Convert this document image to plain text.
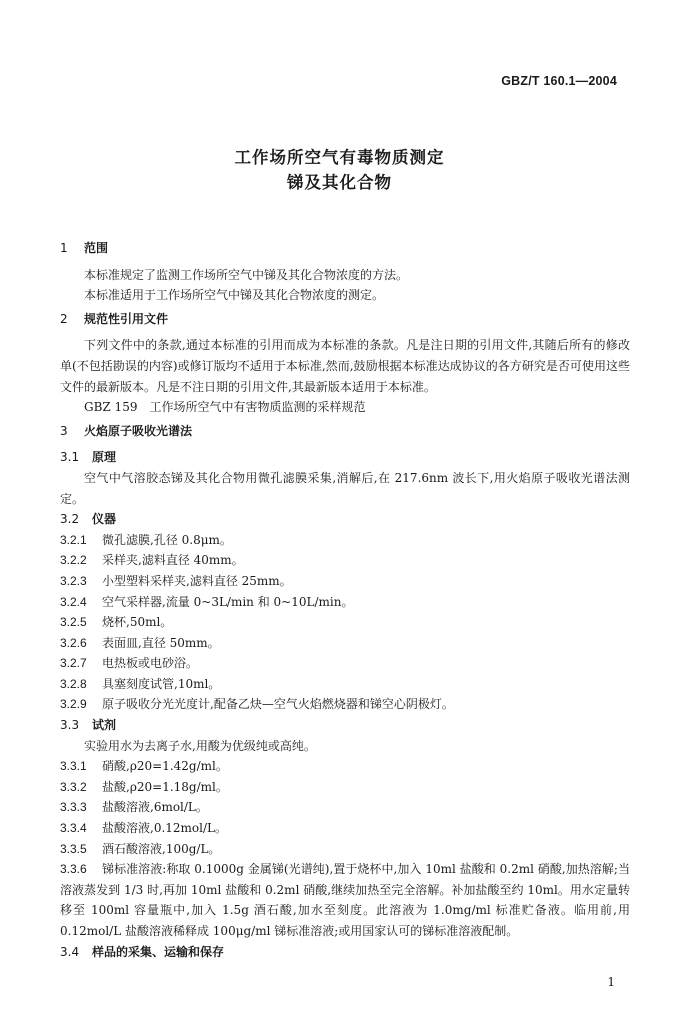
GBZ/T 160.1—2004
工作场所空气有毒物质测定
锑及其化合物
1 范围

本标准规定了监测工作场所空气中锑及其化合物浓度的方法。

本标准适用于工作场所空气中锑及其化合物浓度的测定。

2 规范性引用文件

下列文件中的条款,通过本标准的引用而成为本标准的条款。凡是注日期的引用文件,其随后所有的修改单(不包括勘误的内容)或修订版均不适用于本标准,然而,鼓励根据本标准达成协议的各方研究是否可使用这些文件的最新版本。凡是不注日期的引用文件,其最新版本适用于本标准。

GBZ 159　工作场所空气中有害物质监测的采样规范

3 火焰原子吸收光谱法
3.1 原理

空气中气溶胶态锑及其化合物用微孔滤膜采集,消解后,在 217.6nm 波长下,用火焰原子吸收光谱法测定。

3.2 仪器

3.2.1 微孔滤膜,孔径 0.8μm。

3.2.2 采样夹,滤料直径 40mm。

3.2.3 小型塑料采样夹,滤料直径 25mm。

3.2.4 空气采样器,流量 0~3L/min 和 0~10L/min。

3.2.5 烧杯,50ml。

3.2.6 表面皿,直径 50mm。

3.2.7 电热板或电砂浴。

3.2.8 具塞刻度试管,10ml。

3.2.9 原子吸收分光光度计,配备乙炔—空气火焰燃烧器和锑空心阴极灯。

3.3 试剂

实验用水为去离子水,用酸为优级纯或高纯。

3.3.1 硝酸,ρ20=1.42g/ml。

3.3.2 盐酸,ρ20=1.18g/ml。

3.3.3 盐酸溶液,6mol/L。

3.3.4 盐酸溶液,0.12mol/L。

3.3.5 酒石酸溶液,100g/L。

3.3.6 锑标准溶液:称取 0.1000g 金属锑(光谱纯),置于烧杯中,加入 10ml 盐酸和 0.2ml 硝酸,加热溶解;当溶液蒸发到 1/3 时,再加 10ml 盐酸和 0.2ml 硝酸,继续加热至完全溶解。补加盐酸至约 10ml。用水定量转移至 100ml 容量瓶中,加入 1.5g 酒石酸,加水至刻度。此溶液为 1.0mg/ml 标准贮备液。临用前,用 0.12mol/L 盐酸溶液稀释成 100μg/ml 锑标准溶液;或用国家认可的锑标准溶液配制。

3.4 样品的采集、运输和保存
1
